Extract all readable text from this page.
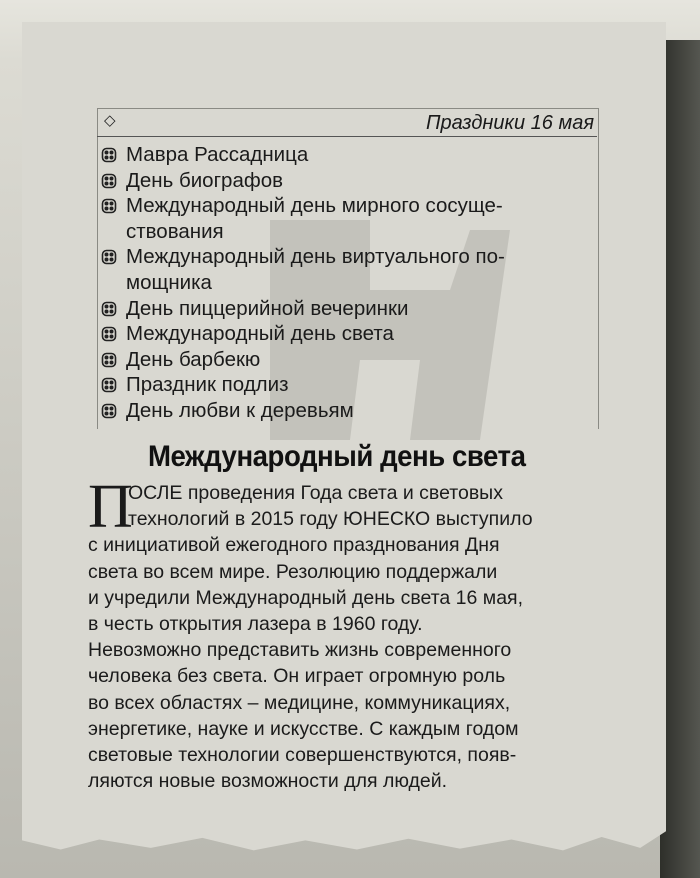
◇	Праздники 16 мая
Мавра Рассадница
День биографов
Международный день мирного сосуще-
ствования
Международный день виртуального по-
мощника
День пиццерийной вечеринки
Международный день света
День барбекю
Праздник подлиз
День любви к деревьям
Международный день света
П

ОСЛЕ проведения Года света и световых

технологий в 2015 году ЮНЕСКО выступило

с инициативой ежегодного празднования Дня

света во всем мире. Резолюцию поддержали

и учредили Международный день света 16 мая,

в честь открытия лазера в 1960 году.

Невозможно представить жизнь современного

человека без света. Он играет огромную роль

во всех областях – медицине, коммуникациях,

энергетике, науке и искусстве. С каждым годом

световые технологии совершенствуются, появ-

ляются новые возможности для людей.
